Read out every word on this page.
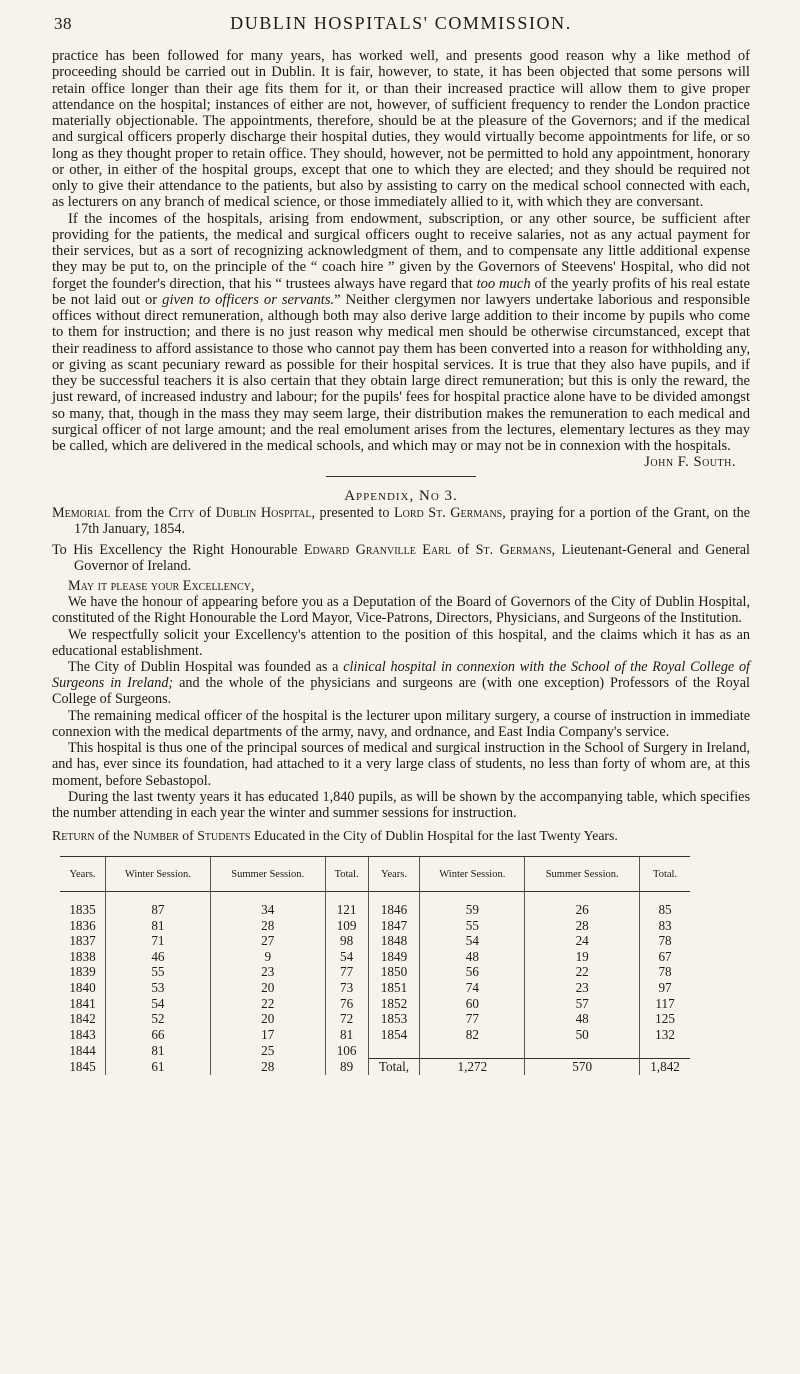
38	DUBLIN HOSPITALS' COMMISSION.

practice has been followed for many years, has worked well, and presents good reason why a like method of proceeding should be carried out in Dublin. It is fair, however, to state, it has been objected that some persons will retain office longer than their age fits them for it, or than their increased practice will allow them to give proper attendance on the hospital; instances of either are not, however, of sufficient frequency to render the London practice materially objectionable. The appointments, therefore, should be at the pleasure of the Governors; and if the medical and surgical officers properly discharge their hospital duties, they would virtually become appointments for life, or so long as they thought proper to retain office. They should, however, not be permitted to hold any appointment, honorary or other, in either of the hospital groups, except that one to which they are elected; and they should be required not only to give their attendance to the patients, but also by assisting to carry on the medical school connected with each, as lecturers on any branch of medical science, or those immediately allied to it, with which they are conversant.

If the incomes of the hospitals, arising from endowment, subscription, or any other source, be sufficient after providing for the patients, the medical and surgical officers ought to receive salaries, not as any actual payment for their services, but as a sort of recognizing acknowledgment of them, and to compensate any little additional expense they may be put to, on the principle of the “ coach hire ” given by the Governors of Steevens' Hospital, who did not forget the founder's direction, that his “ trustees always have regard that too much of the yearly profits of his real estate be not laid out or given to officers or servants.” Neither clergymen nor lawyers undertake laborious and responsible offices without direct remuneration, although both may also derive large addition to their income by pupils who come to them for instruction; and there is no just reason why medical men should be otherwise circumstanced, except that their readiness to afford assistance to those who cannot pay them has been converted into a reason for withholding any, or giving as scant pecuniary reward as possible for their hospital services. It is true that they also have pupils, and if they be successful teachers it is also certain that they obtain large direct remuneration; but this is only the reward, the just reward, of increased industry and labour; for the pupils' fees for hospital practice alone have to be divided amongst so many, that, though in the mass they may seem large, their distribution makes the remuneration to each medical and surgical officer of not large amount; and the real emolument arises from the lectures, elementary lectures as they may be called, which are delivered in the medical schools, and which may or may not be in connexion with the hospitals.

John F. South.
Appendix, No 3.

Memorial from the City of Dublin Hospital, presented to Lord St. Germans, praying for a portion of the Grant, on the 17th January, 1854.

To His Excellency the Right Honourable Edward Granville Earl of St. Germans, Lieutenant-General and General Governor of Ireland.

May it please your Excellency,

We have the honour of appearing before you as a Deputation of the Board of Governors of the City of Dublin Hospital, constituted of the Right Honourable the Lord Mayor, Vice-Patrons, Directors, Physicians, and Surgeons of the Institution.

We respectfully solicit your Excellency's attention to the position of this hospital, and the claims which it has as an educational establishment.

The City of Dublin Hospital was founded as a clinical hospital in connexion with the School of the Royal College of Surgeons in Ireland; and the whole of the physicians and surgeons are (with one exception) Professors of the Royal College of Surgeons.

The remaining medical officer of the hospital is the lecturer upon military surgery, a course of instruction in immediate connexion with the medical departments of the army, navy, and ordnance, and East India Company's service.

This hospital is thus one of the principal sources of medical and surgical instruction in the School of Surgery in Ireland, and has, ever since its foundation, had attached to it a very large class of students, no less than forty of whom are, at this moment, before Sebastopol.

During the last twenty years it has educated 1,840 pupils, as will be shown by the accompanying table, which specifies the number attending in each year the winter and summer sessions for instruction.

Return of the Number of Students Educated in the City of Dublin Hospital for the last Twenty Years.
Years.	Winter Session.	Summer Session.	Total.	Years.	Winter Session.	Summer Session.	Total.
1835	87	34	121	1846	59	26	85
1836	81	28	109	1847	55	28	83
1837	71	27	98	1848	54	24	78
1838	46	9	54	1849	48	19	67
1839	55	23	77	1850	56	22	78
1840	53	20	73	1851	74	23	97
1841	54	22	76	1852	60	57	117
1842	52	20	72	1853	77	48	125
1843	66	17	81	1854	82	50	132
1844	81	25	106				
1845	61	28	89	Total,	1,272	570	1,842
